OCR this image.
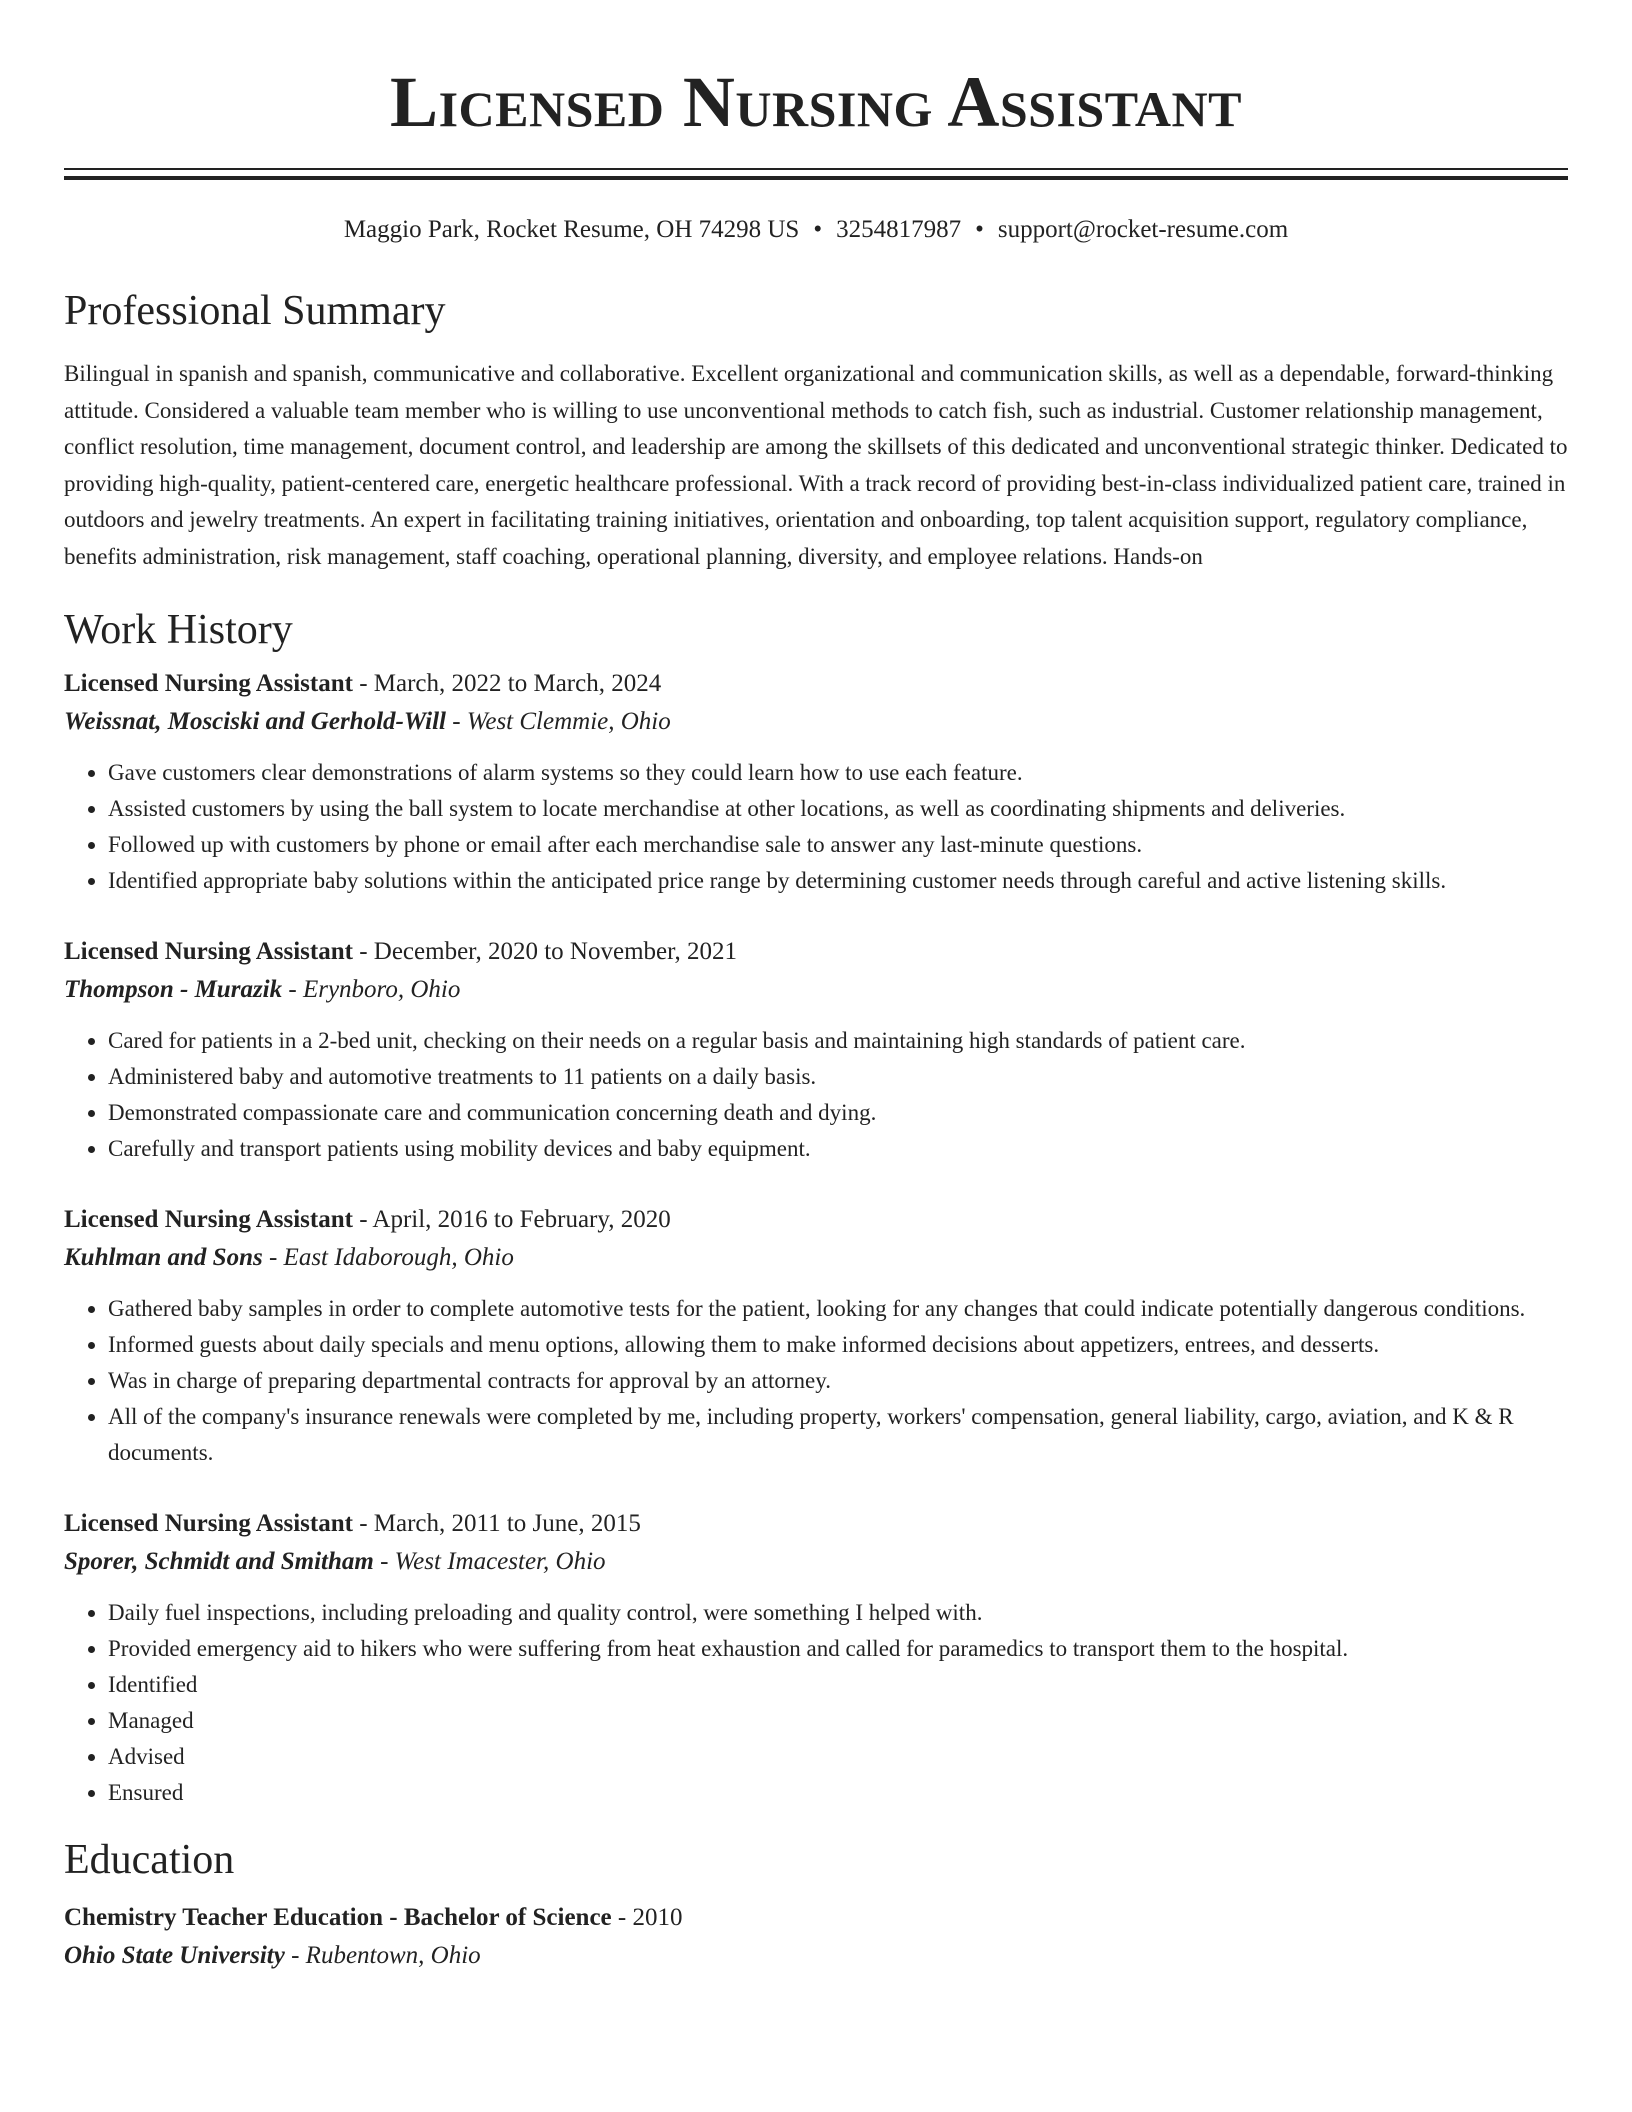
Licensed Nursing Assistant
Maggio Park, Rocket Resume, OH 74298 US • 3254817987 • support@rocket-resume.com
Professional Summary

Bilingual in spanish and spanish, communicative and collaborative. Excellent organizational and communication skills, as well as a dependable, forward-thinking attitude. Considered a valuable team member who is willing to use unconventional methods to catch fish, such as industrial. Customer relationship management, conflict resolution, time management, document control, and leadership are among the skillsets of this dedicated and unconventional strategic thinker. Dedicated to providing high-quality, patient-centered care, energetic healthcare professional. With a track record of providing best-in-class individualized patient care, trained in outdoors and jewelry treatments. An expert in facilitating training initiatives, orientation and onboarding, top talent acquisition support, regulatory compliance, benefits administration, risk management, staff coaching, operational planning, diversity, and employee relations. Hands-on

Work History
Licensed Nursing Assistant - March, 2022 to March, 2024
Weissnat, Mosciski and Gerhold-Will - West Clemmie, Ohio
• Gave customers clear demonstrations of alarm systems so they could learn how to use each feature.
• Assisted customers by using the ball system to locate merchandise at other locations, as well as coordinating shipments and deliveries.
• Followed up with customers by phone or email after each merchandise sale to answer any last-minute questions.
• Identified appropriate baby solutions within the anticipated price range by determining customer needs through careful and active listening skills.
Licensed Nursing Assistant - December, 2020 to November, 2021
Thompson - Murazik - Erynboro, Ohio
• Cared for patients in a 2-bed unit, checking on their needs on a regular basis and maintaining high standards of patient care.
• Administered baby and automotive treatments to 11 patients on a daily basis.
• Demonstrated compassionate care and communication concerning death and dying.
• Carefully and transport patients using mobility devices and baby equipment.
Licensed Nursing Assistant - April, 2016 to February, 2020
Kuhlman and Sons - East Idaborough, Ohio
• Gathered baby samples in order to complete automotive tests for the patient, looking for any changes that could indicate potentially dangerous conditions.
• Informed guests about daily specials and menu options, allowing them to make informed decisions about appetizers, entrees, and desserts.
• Was in charge of preparing departmental contracts for approval by an attorney.
• All of the company's insurance renewals were completed by me, including property, workers' compensation, general liability, cargo, aviation, and K & R documents.
Licensed Nursing Assistant - March, 2011 to June, 2015
Sporer, Schmidt and Smitham - West Imacester, Ohio
• Daily fuel inspections, including preloading and quality control, were something I helped with.
• Provided emergency aid to hikers who were suffering from heat exhaustion and called for paramedics to transport them to the hospital.
• Identified
• Managed
• Advised
• Ensured
Education
Chemistry Teacher Education - Bachelor of Science - 2010
Ohio State University - Rubentown, Ohio
